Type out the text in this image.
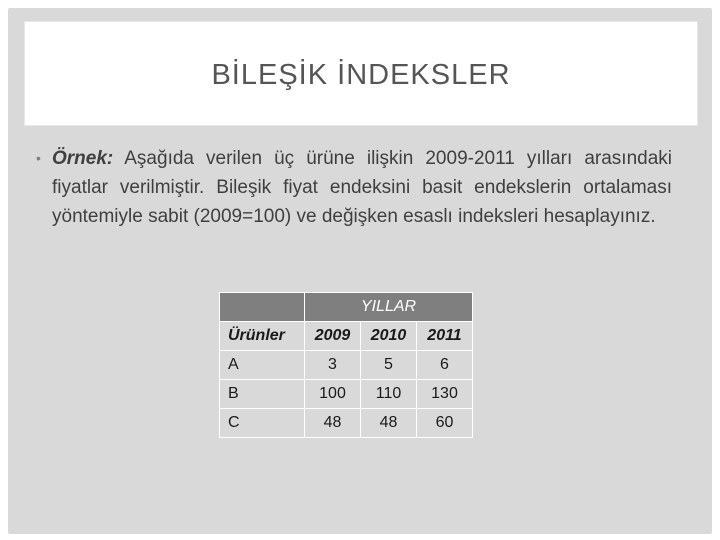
BİLEŞİK İNDEKSLER
• Örnek: Aşağıda verilen üç ürüne ilişkin 2009-2011 yılları arasındaki fiyatlar verilmiştir. Bileşik fiyat endeksini basit endekslerin ortalaması yöntemiyle sabit (2009=100) ve değişken esaslı indeksleri hesaplayınız.
	YILLAR		
Ürünler	2009	2010	2011
A	3	5	6
B	100	110	130
C	48	48	60
